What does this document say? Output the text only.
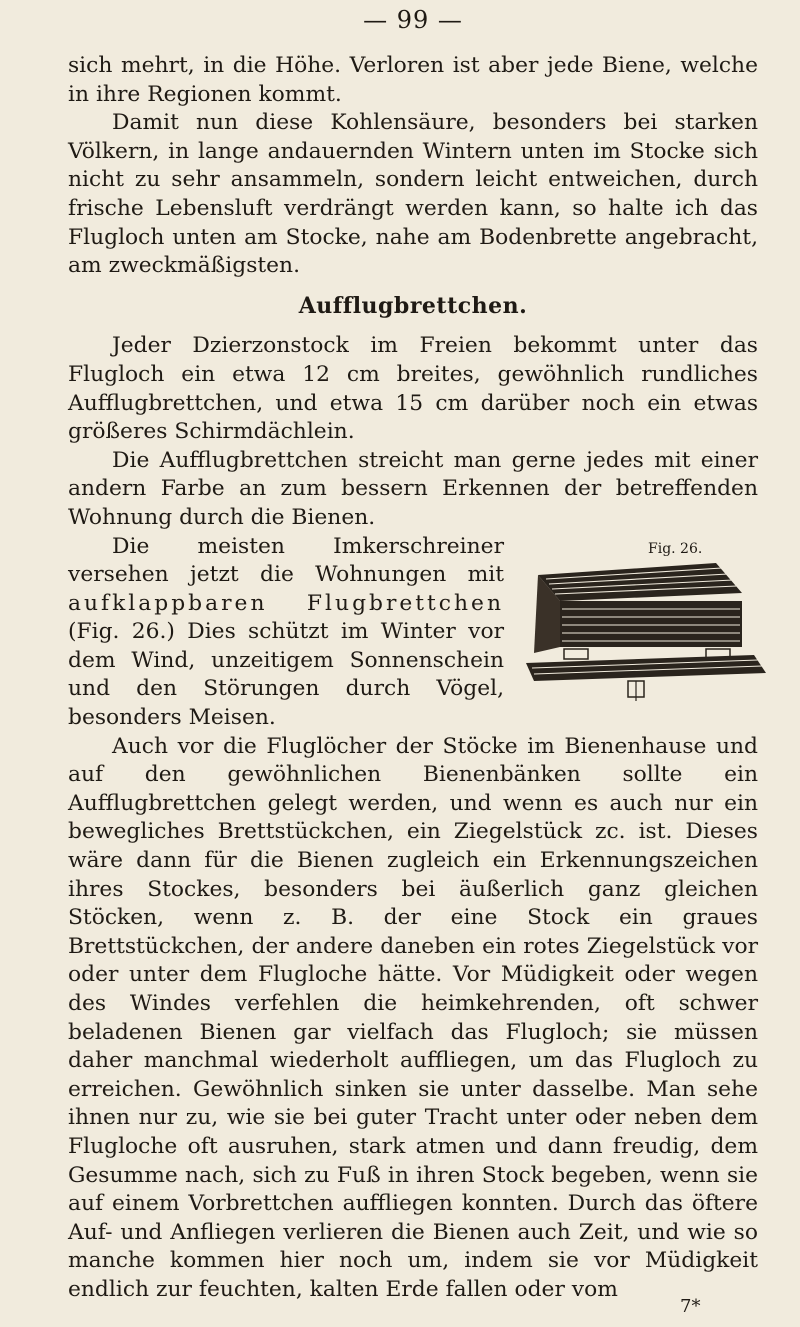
— 99 —

sich mehrt, in die Höhe. Verloren ist aber jede Biene, welche in ihre Regionen kommt.

Damit nun diese Kohlensäure, besonders bei starken Völkern, in lange andauernden Wintern unten im Stocke sich nicht zu sehr ansammeln, sondern leicht entweichen, durch frische Lebensluft verdrängt werden kann, so halte ich das Flugloch unten am Stocke, nahe am Bodenbrette angebracht, am zweckmäßigsten.

Aufflugbrettchen.

Jeder Dzierzonstock im Freien bekommt unter das Flugloch ein etwa 12 cm breites, gewöhnlich rundliches Aufflugbrettchen, und etwa 15 cm darüber noch ein etwas größeres Schirmdächlein.

Die Aufflugbrettchen streicht man gerne jedes mit einer andern Farbe an zum bessern Erkennen der betreffenden Wohnung durch die Bienen.

Fig. 26.

Die meisten Imkerschreiner versehen jetzt die Wohnungen mit aufklappbaren Flugbrettchen (Fig. 26.) Dies schützt im Winter vor dem Wind, unzeitigem Sonnenschein und den Störungen durch Vögel, besonders Meisen.

Auch vor die Fluglöcher der Stöcke im Bienenhause und auf den gewöhnlichen Bienenbänken sollte ein Aufflugbrettchen gelegt werden, und wenn es auch nur ein bewegliches Brettstückchen, ein Ziegelstück zc. ist. Dieses wäre dann für die Bienen zugleich ein Erkennungszeichen ihres Stockes, besonders bei äußerlich ganz gleichen Stöcken, wenn z. B. der eine Stock ein graues Brettstückchen, der andere daneben ein rotes Ziegelstück vor oder unter dem Flugloche hätte. Vor Müdigkeit oder wegen des Windes verfehlen die heimkehrenden, oft schwer beladenen Bienen gar vielfach das Flugloch; sie müssen daher manchmal wiederholt auffliegen, um das Flugloch zu erreichen. Gewöhnlich sinken sie unter dasselbe. Man sehe ihnen nur zu, wie sie bei guter Tracht unter oder neben dem Flugloche oft ausruhen, stark atmen und dann freudig, dem Gesumme nach, sich zu Fuß in ihren Stock begeben, wenn sie auf einem Vorbrettchen auffliegen konnten. Durch das öftere Auf- und Anfliegen verlieren die Bienen auch Zeit, und wie so manche kommen hier noch um, indem sie vor Müdigkeit endlich zur feuchten, kalten Erde fallen oder vom

7*
